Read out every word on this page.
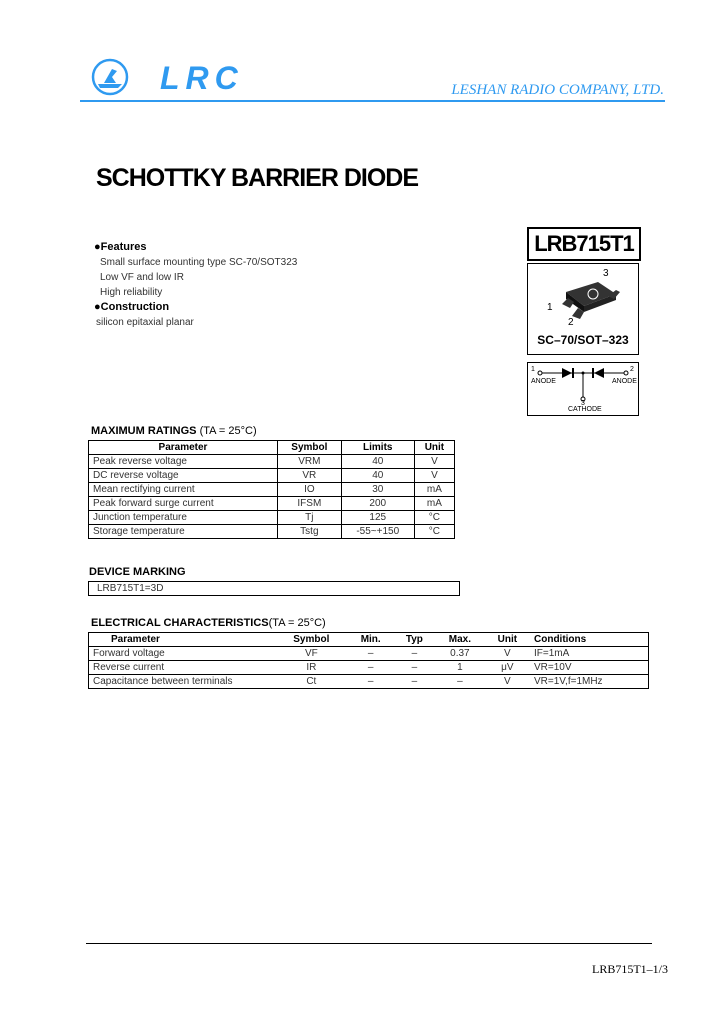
LRC	LESHAN RADIO COMPANY, LTD.
SCHOTTKY BARRIER DIODE
●Features
Small surface mounting type SC-70/SOT323
Low VF and low IR
High reliability
●Construction
silicon epitaxial planar
LRB715T1
3
1
2
SC–70/SOT–323
1	2
ANODE	ANODE
3
CATHODE
MAXIMUM RATINGS (TA = 25°C)
Parameter	Symbol	Limits	Unit
Peak reverse voltage	VRM	40	V
DC reverse voltage	VR	40	V
Mean rectifying current	IO	30	mA
Peak forward surge current	IFSM	200	mA
Junction temperature	Tj	125	°C
Storage temperature	Tstg	-55~+150	°C
DEVICE MARKING
LRB715T1=3D
ELECTRICAL CHARACTERISTICS(TA = 25°C)
Parameter	Symbol	Min.	Typ	Max.	Unit	Conditions
Forward voltage	VF	–	–	0.37	V	IF=1mA
Reverse current	IR	–	–	1	μV	VR=10V
Capacitance between terminals	Ct	–	–	–	V	VR=1V,f=1MHz
LRB715T1–1/3
